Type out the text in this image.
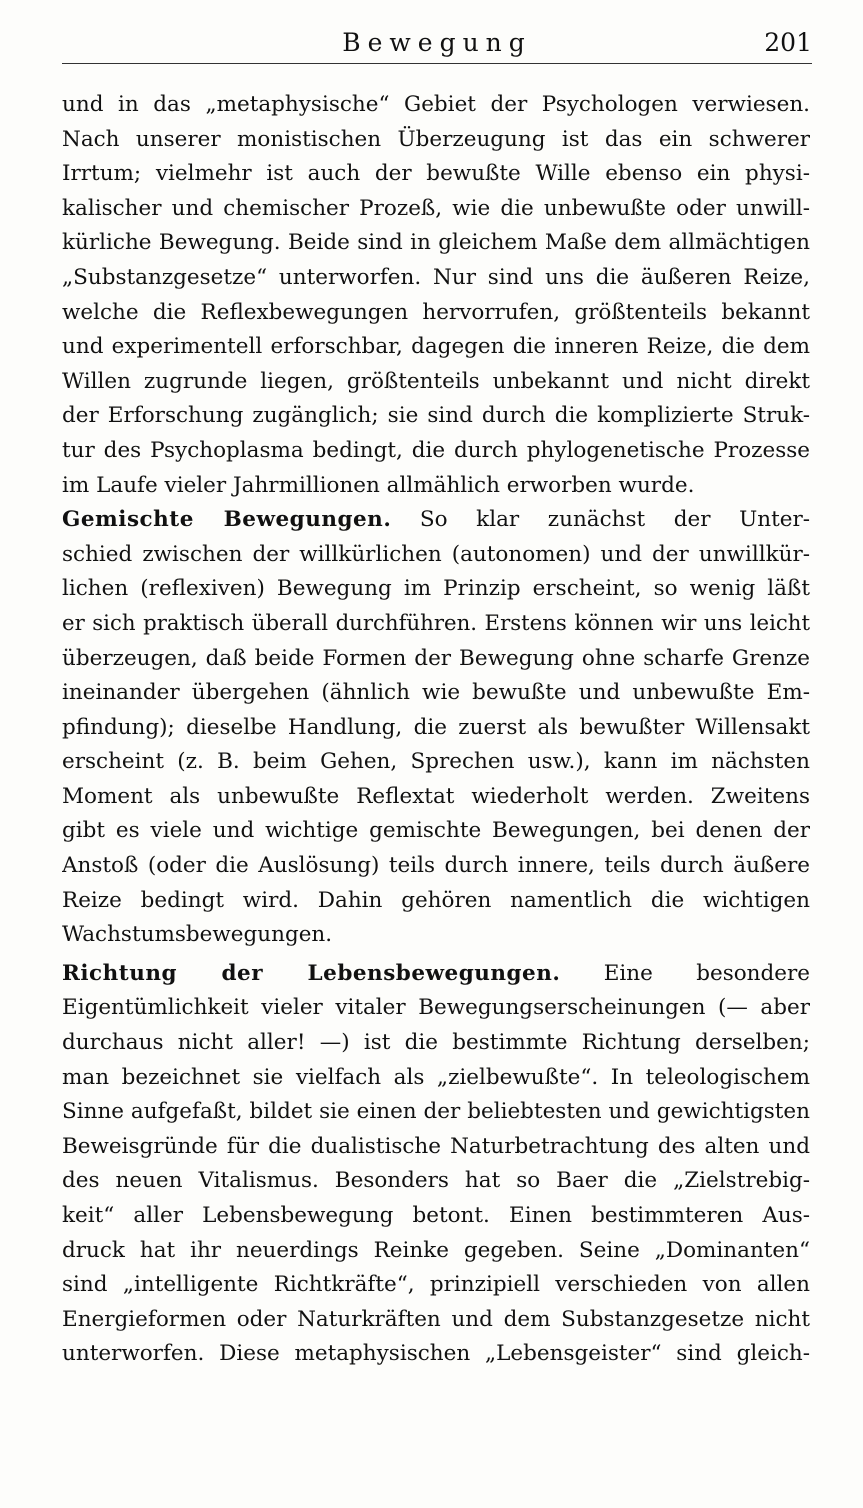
Bewegung	201
und in das „metaphysische“ Gebiet der Psychologen verwiesen.
Nach unserer monistischen Überzeugung ist das ein schwerer
Irrtum; vielmehr ist auch der bewußte Wille ebenso ein physi-
kalischer und chemischer Prozeß, wie die unbewußte oder unwill-
kürliche Bewegung. Beide sind in gleichem Maße dem allmächtigen
„Substanzgesetze“ unterworfen. Nur sind uns die äußeren Reize,
welche die Reflexbewegungen hervorrufen, größtenteils bekannt
und experimentell erforschbar, dagegen die inneren Reize, die dem
Willen zugrunde liegen, größtenteils unbekannt und nicht direkt
der Erforschung zugänglich; sie sind durch die komplizierte Struk-
tur des Psychoplasma bedingt, die durch phylogenetische Prozesse
im Laufe vieler Jahrmillionen allmählich erworben wurde.
Gemischte Bewegungen. So klar zunächst der Unter-
schied zwischen der willkürlichen (autonomen) und der unwillkür-
lichen (reflexiven) Bewegung im Prinzip erscheint, so wenig läßt
er sich praktisch überall durchführen. Erstens können wir uns leicht
überzeugen, daß beide Formen der Bewegung ohne scharfe Grenze
ineinander übergehen (ähnlich wie bewußte und unbewußte Em-
pfindung); dieselbe Handlung, die zuerst als bewußter Willensakt
erscheint (z. B. beim Gehen, Sprechen usw.), kann im nächsten
Moment als unbewußte Reflextat wiederholt werden. Zweitens
gibt es viele und wichtige gemischte Bewegungen, bei denen der
Anstoß (oder die Auslösung) teils durch innere, teils durch äußere
Reize bedingt wird. Dahin gehören namentlich die wichtigen
Wachstumsbewegungen.
Richtung der Lebensbewegungen. Eine besondere
Eigentümlichkeit vieler vitaler Bewegungserscheinungen (— aber
durchaus nicht aller! —) ist die bestimmte Richtung derselben;
man bezeichnet sie vielfach als „zielbewußte“. In teleologischem
Sinne aufgefaßt, bildet sie einen der beliebtesten und gewichtigsten
Beweisgründe für die dualistische Naturbetrachtung des alten und
des neuen Vitalismus. Besonders hat so Baer die „Zielstrebig-
keit“ aller Lebensbewegung betont. Einen bestimmteren Aus-
druck hat ihr neuerdings Reinke gegeben. Seine „Dominanten“
sind „intelligente Richtkräfte“, prinzipiell verschieden von allen
Energieformen oder Naturkräften und dem Substanzgesetze nicht
unterworfen. Diese metaphysischen „Lebensgeister“ sind gleich-
